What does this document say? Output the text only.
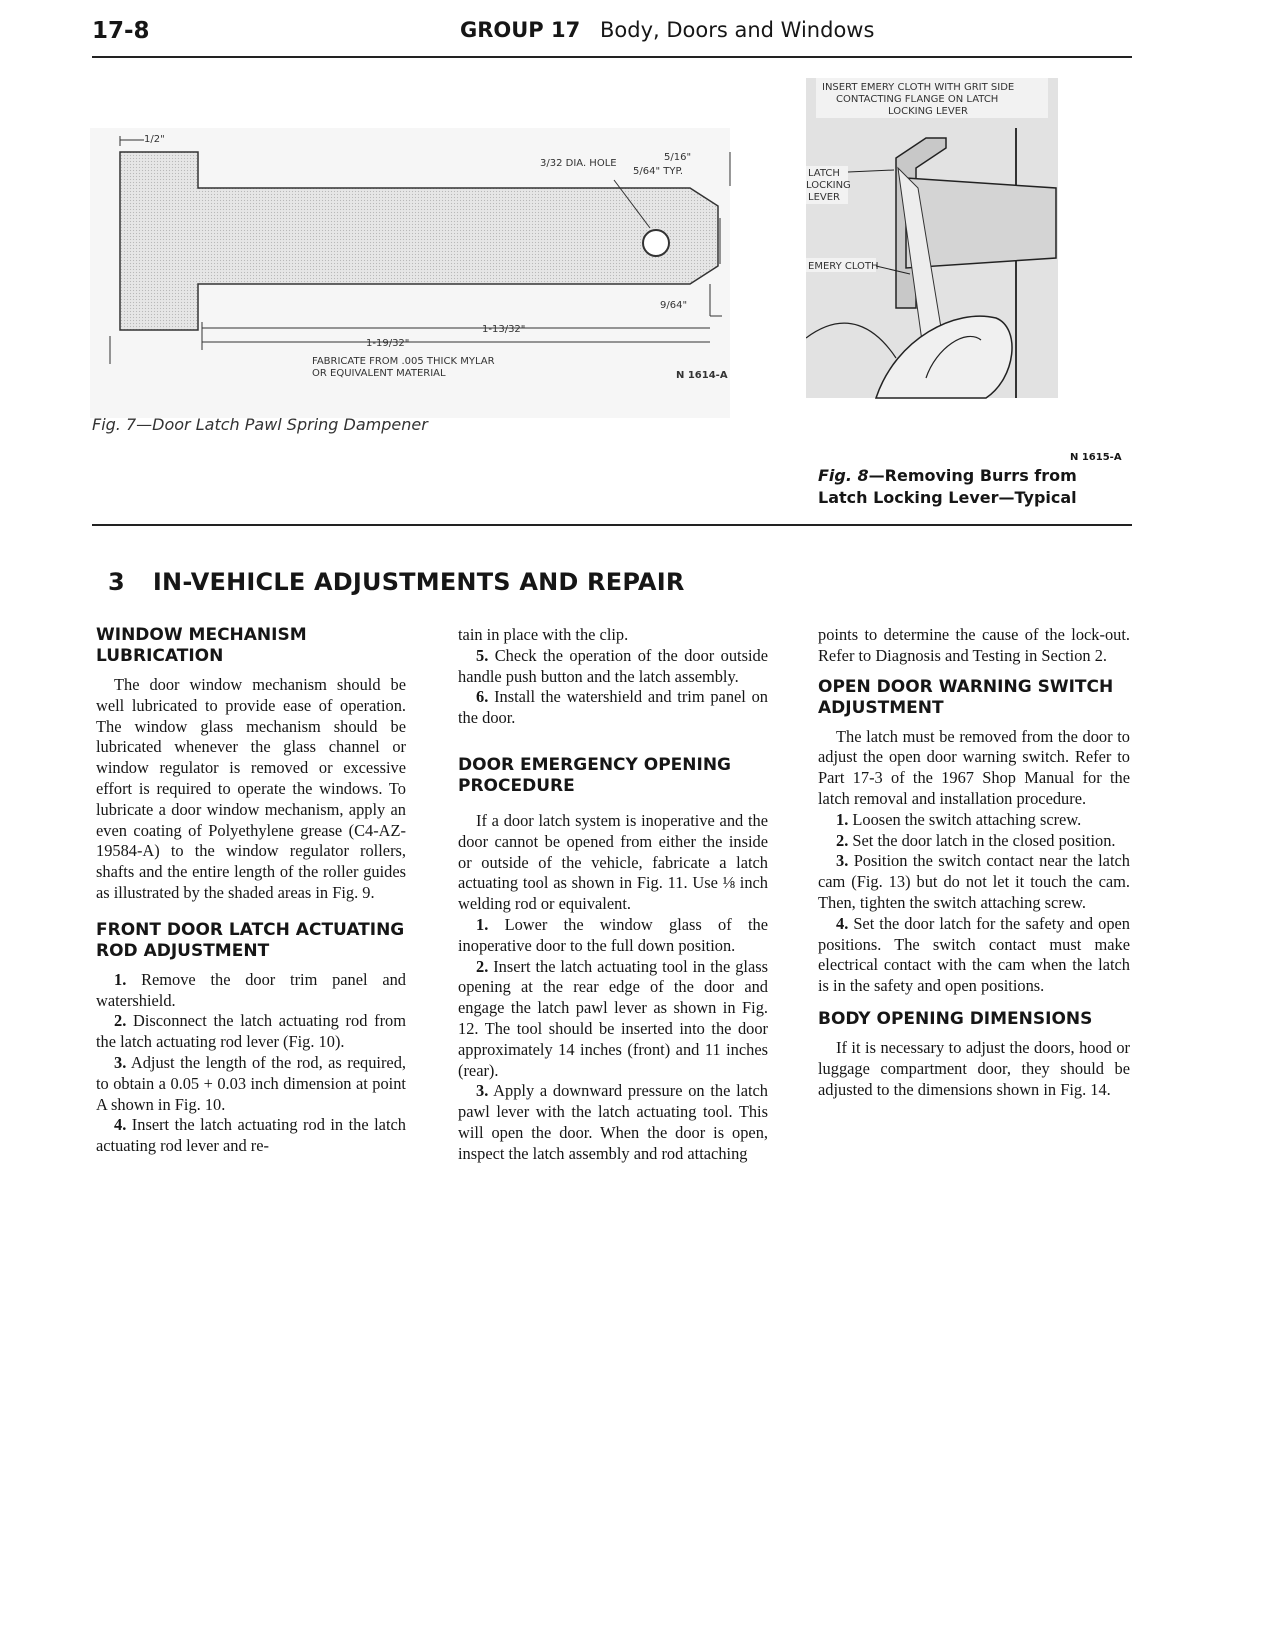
17-8	GROUP 17 Body, Doors and Windows
1/2"
3/32 DIA. HOLE
5/16"
5/64" TYP.
9/64"
1-13/32"
1-19/32"
FABRICATE FROM .005 THICK MYLAR
OR EQUIVALENT MATERIAL	N 1614-A
Fig. 7—Door Latch Pawl Spring Dampener
INSERT EMERY CLOTH WITH GRIT SIDE
CONTACTING FLANGE ON LATCH
LOCKING LEVER
LATCH
LOCKING
LEVER
EMERY CLOTH
N 1615-A
Fig. 8—Removing Burrs from Latch Locking Lever—Typical
3 IN-VEHICLE ADJUSTMENTS AND REPAIR
WINDOW MECHANISM LUBRICATION

The door window mechanism should be well lubricated to provide ease of operation. The window glass mechanism should be lubricated whenever the glass channel or window regulator is removed or excessive effort is required to operate the windows. To lubricate a door window mechanism, apply an even coating of Polyethylene grease (C4-AZ-19584-A) to the window regulator rollers, shafts and the entire length of the roller guides as illustrated by the shaded areas in Fig. 9.

FRONT DOOR LATCH ACTUATING ROD ADJUSTMENT

1. Remove the door trim panel and watershield.

2. Disconnect the latch actuating rod from the latch actuating rod lever (Fig. 10).

3. Adjust the length of the rod, as required, to obtain a 0.05 + 0.03 inch dimension at point A shown in Fig. 10.

4. Insert the latch actuating rod in the latch actuating rod lever and re-

tain in place with the clip.

5. Check the operation of the door outside handle push button and the latch assembly.

6. Install the watershield and trim panel on the door.

DOOR EMERGENCY OPENING PROCEDURE

If a door latch system is inoperative and the door cannot be opened from either the inside or outside of the vehicle, fabricate a latch actuating tool as shown in Fig. 11. Use ⅛ inch welding rod or equivalent.

1. Lower the window glass of the inoperative door to the full down position.

2. Insert the latch actuating tool in the glass opening at the rear edge of the door and engage the latch pawl lever as shown in Fig. 12. The tool should be inserted into the door approximately 14 inches (front) and 11 inches (rear).

3. Apply a downward pressure on the latch pawl lever with the latch actuating tool. This will open the door. When the door is open, inspect the latch assembly and rod attaching

points to determine the cause of the lock-out. Refer to Diagnosis and Testing in Section 2.

OPEN DOOR WARNING SWITCH ADJUSTMENT

The latch must be removed from the door to adjust the open door warning switch. Refer to Part 17-3 of the 1967 Shop Manual for the latch removal and installation procedure.

1. Loosen the switch attaching screw.

2. Set the door latch in the closed position.

3. Position the switch contact near the latch cam (Fig. 13) but do not let it touch the cam. Then, tighten the switch attaching screw.

4. Set the door latch for the safety and open positions. The switch contact must make electrical contact with the cam when the latch is in the safety and open positions.

BODY OPENING DIMENSIONS

If it is necessary to adjust the doors, hood or luggage compartment door, they should be adjusted to the dimensions shown in Fig. 14.
